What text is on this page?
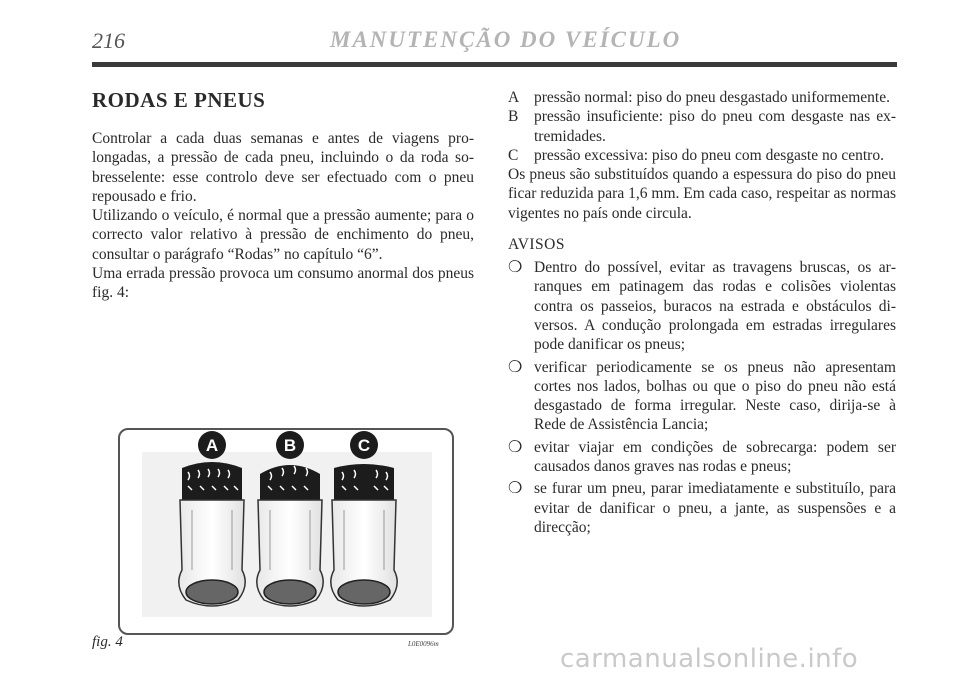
216	MANUTENÇÃO DO VEÍCULO
RODAS E PNEUS

Controlar a cada duas semanas e antes de viagens prolongadas, a pressão de cada pneu, incluindo o da roda sobresselente: esse controlo deve ser efectuado com o pneu repousado e frio.

Utilizando o veículo, é normal que a pressão aumente; para o correcto valor relativo à pressão de enchimento do pneu, consultar o parágrafo “Rodas” no capítulo “6”.

Uma errada pressão provoca um consumo anormal dos pneus fig. 4:

A pressão normal: piso do pneu desgastado uniformemente.
B	pressão insuficiente: piso do pneu com desgaste nas extremidades.
C	pressão excessiva: piso do pneu com desgaste no centro.

Os pneus são substituídos quando a espessura do piso do pneu ficar reduzida para 1,6 mm. Em cada caso, respeitar as normas vigentes no país onde circula.

AVISOS
❍ Dentro do possível, evitar as travagens bruscas, os arranques em patinagem das rodas e colisões violentas contra os passeios, buracos na estrada e obstáculos diversos. A condução prolongada em estradas irregulares pode danificar os pneus;
❍ verificar periodicamente se os pneus não apresentam cortes nos lados, bolhas ou que o piso do pneu não está desgastado de forma irregular. Neste caso, dirija-se à Rede de Assistência Lancia;
❍ evitar viajar em condições de sobrecarga: podem ser causados danos graves nas rodas e pneus;
❍ se furar um pneu, parar imediatamente e substituílo, para evitar de danificar o pneu, a jante, as suspensões e a direcção;
A	B	C
fig. 4	L0E0096m	carmanualsonline.info
